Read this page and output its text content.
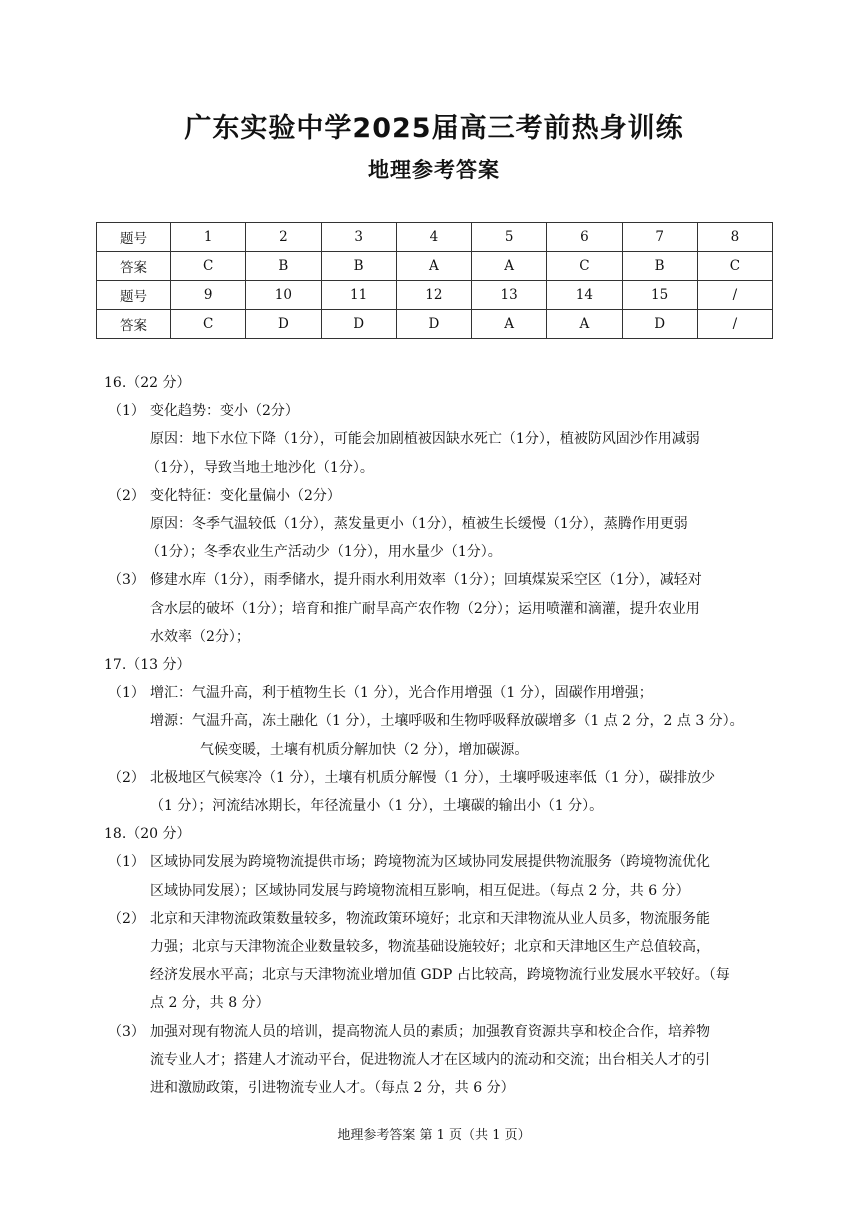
广东实验中学2025届高三考前热身训练
地理参考答案
题号	1	2	3	4	5	6	7	8
答案	C	B	B	A	A	C	B	C
题号	9	10	11	12	13	14	15	/
答案	C	D	D	D	A	A	D	/
16.（22 分）
（1） 变化趋势：变小（2分）
原因：地下水位下降（1分），可能会加剧植被因缺水死亡（1分），植被防风固沙作用减弱
（1分），导致当地土地沙化（1分）。
（2） 变化特征：变化量偏小（2分）
原因：冬季气温较低（1分），蒸发量更小（1分），植被生长缓慢（1分），蒸腾作用更弱
（1分）；冬季农业生产活动少（1分），用水量少（1分）。
（3） 修建水库（1分），雨季储水，提升雨水利用效率（1分）；回填煤炭采空区（1分），减轻对
含水层的破坏（1分）；培育和推广耐旱高产农作物（2分）；运用喷灌和滴灌，提升农业用
水效率（2分）；
17.（13 分）
（1） 增汇：气温升高，利于植物生长（1 分），光合作用增强（1 分），固碳作用增强；
增源：气温升高，冻土融化（1 分），土壤呼吸和生物呼吸释放碳增多（1 点 2 分，2 点 3 分）。
气候变暖，土壤有机质分解加快（2 分），增加碳源。
（2） 北极地区气候寒冷（1 分），土壤有机质分解慢（1 分），土壤呼吸速率低（1 分），碳排放少
（1 分）；河流结冰期长，年径流量小（1 分），土壤碳的输出小（1 分）。
18.（20 分）
（1） 区域协同发展为跨境物流提供市场；跨境物流为区域协同发展提供物流服务（跨境物流优化
区域协同发展）；区域协同发展与跨境物流相互影响，相互促进。（每点 2 分，共 6 分）
（2） 北京和天津物流政策数量较多，物流政策环境好；北京和天津物流从业人员多，物流服务能
力强；北京与天津物流企业数量较多，物流基础设施较好；北京和天津地区生产总值较高，
经济发展水平高；北京与天津物流业增加值 GDP 占比较高，跨境物流行业发展水平较好。（每
点 2 分，共 8 分）
（3） 加强对现有物流人员的培训，提高物流人员的素质；加强教育资源共享和校企合作，培养物
流专业人才；搭建人才流动平台，促进物流人才在区域内的流动和交流；出台相关人才的引
进和激励政策，引进物流专业人才。（每点 2 分，共 6 分）
地理参考答案 第 1 页（共 1 页）
